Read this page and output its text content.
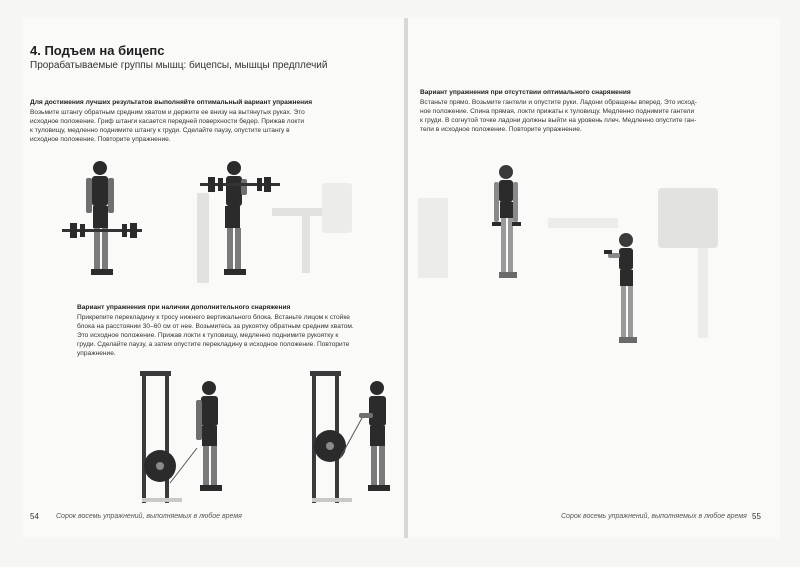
4. Подъем на бицепс
Прорабатываемые группы мышц: бицепсы, мышцы предплечий
Для достижения лучших результатов выполняйте оптимальный вариант упражнения

Возьмите штангу обратным средним хватом и держите ее внизу на вытянутых руках. Это

исходное положение. Гриф штанги касается передней поверхности бедер. Прижав локти

к туловищу, медленно поднимите штангу к груди. Сделайте паузу, опустите штангу в

исходное положение. Повторите упражнение.

Вариант упражнения при наличии дополнительного снаряжения

Прикрепите перекладину к тросу нижнего вертикального блока. Встаньте лицом к стойке

блока на расстоянии 30–60 см от нее. Возьмитесь за рукоятку обратным средним хватом.

Это исходное положение. Прижав локти к туловищу, медленно поднимите рукоятку к

груди. Сделайте паузу, а затем опустите перекладину в исходное положение. Повторите

упражнение.

54 Сорок восемь упражнений, выполняемых в любое время
Вариант упражнения при отсутствии оптимального снаряжения

Встаньте прямо. Возьмите гантели и опустите руки. Ладони обращены вперед. Это исход-

ное положение. Спина прямая, локти прижаты к туловищу. Медленно поднимите гантели

к груди. В согнутой точке ладони должны выйти на уровень плеч. Медленно опустите ган-

тели в исходное положение. Повторите упражнение.

Сорок восемь упражнений, выполняемых в любое время 55
